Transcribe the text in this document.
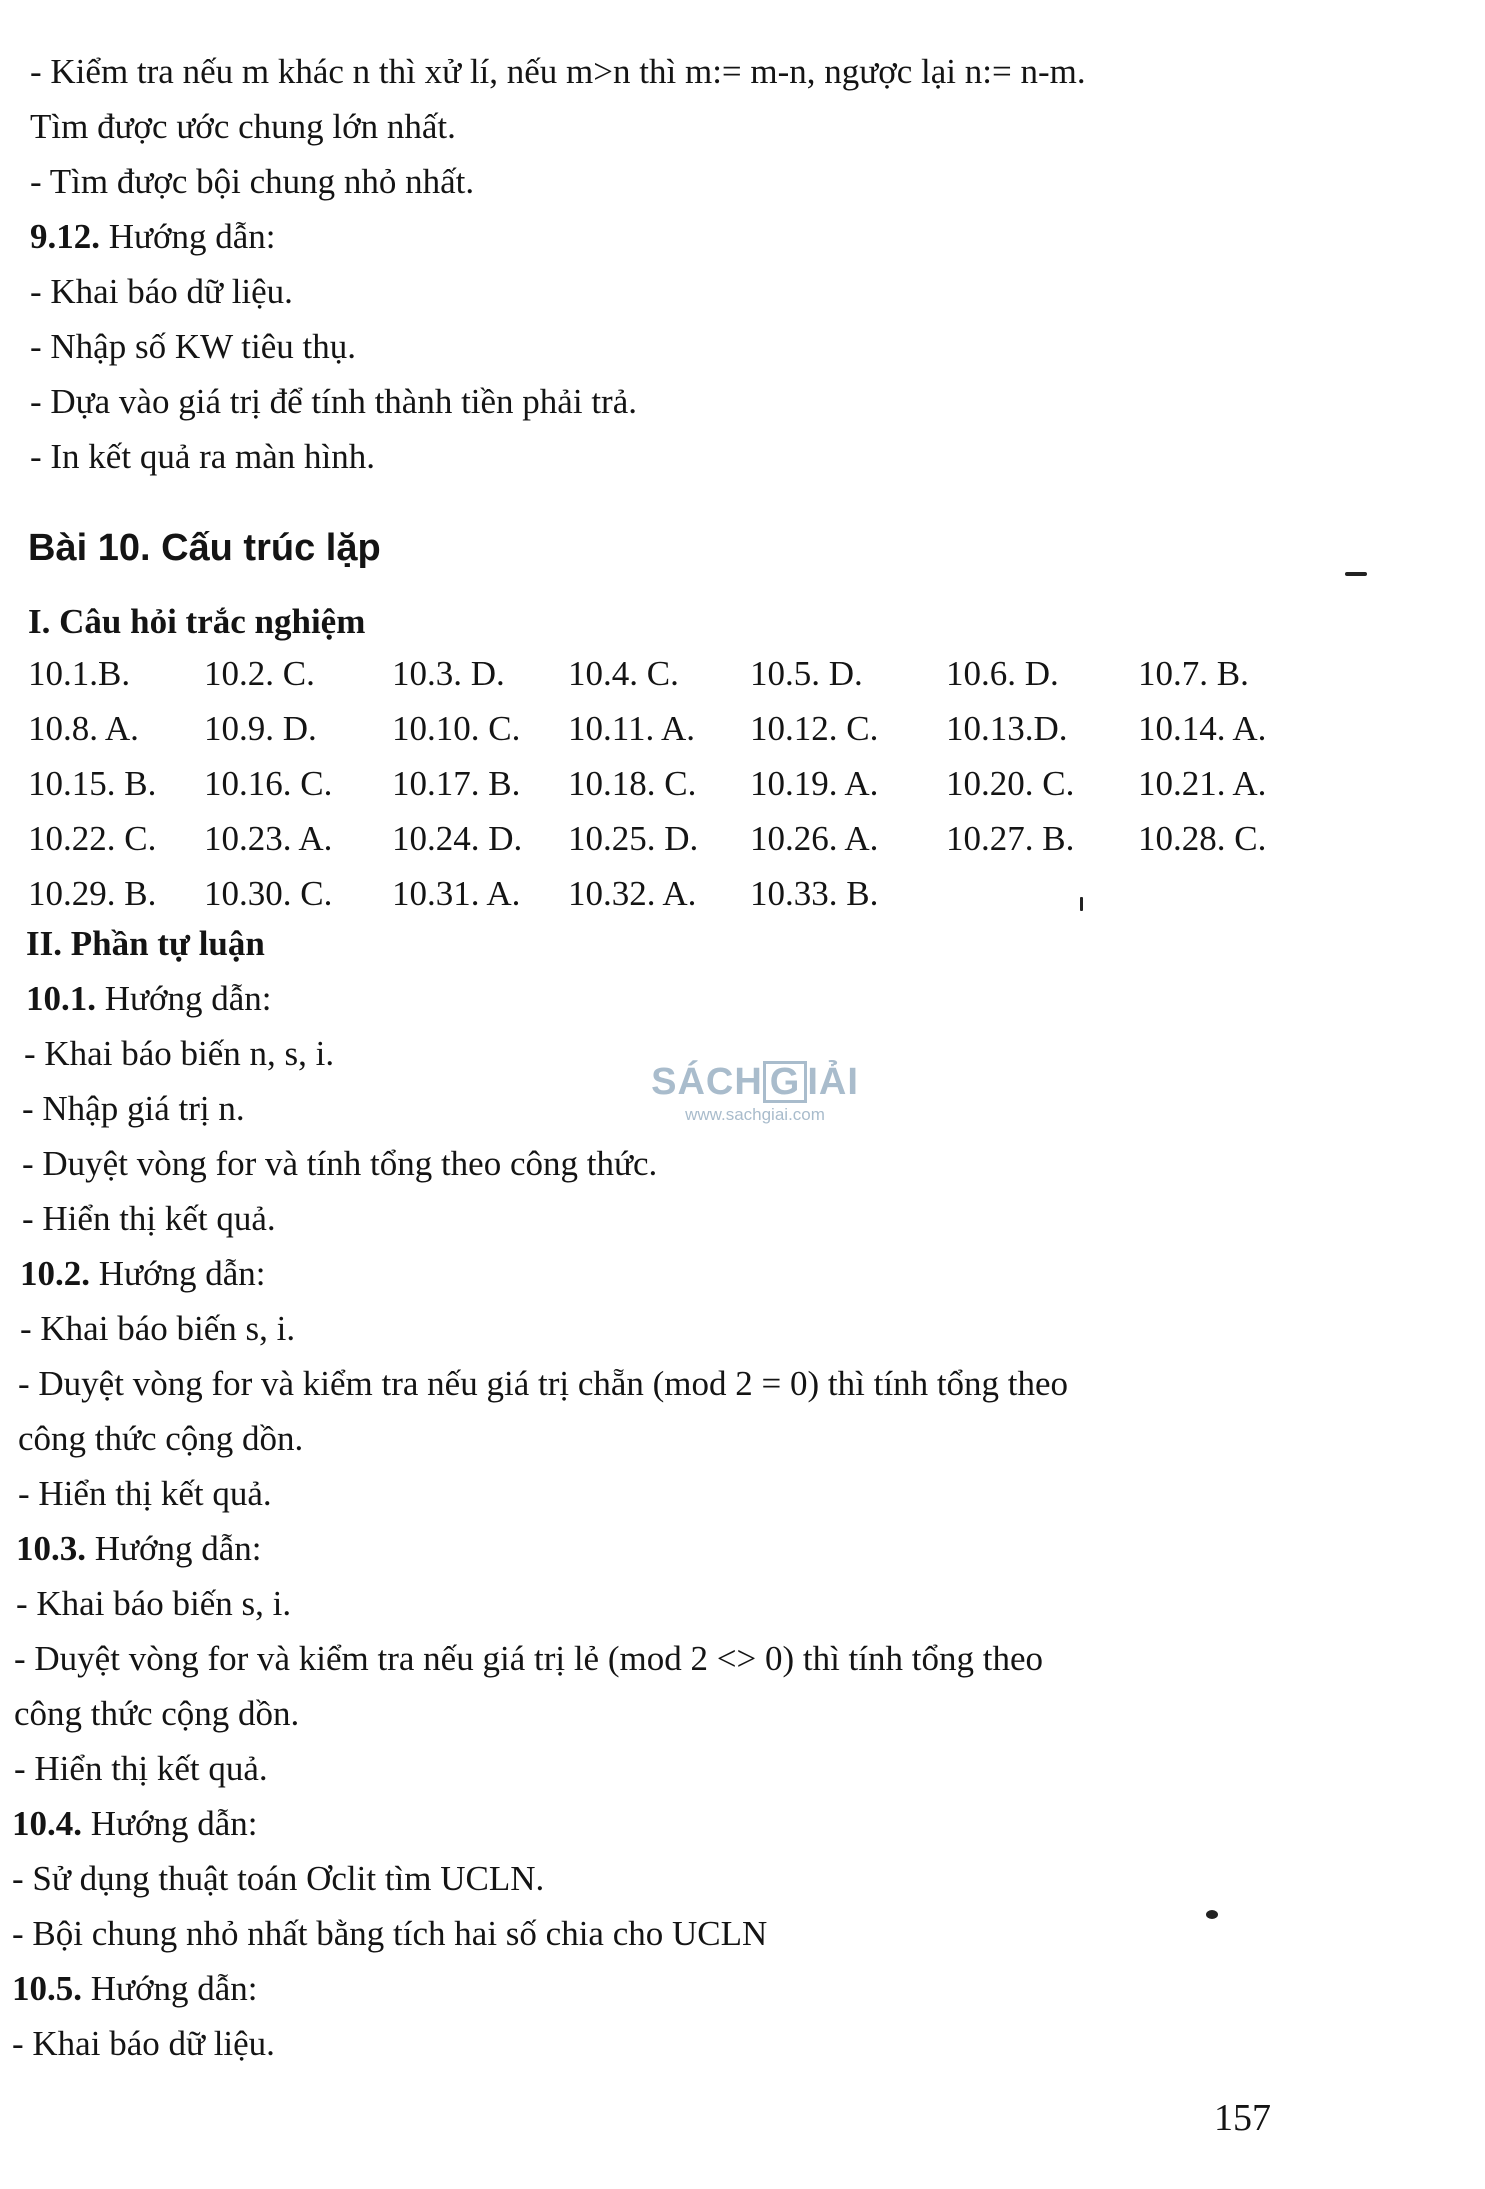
- Kiểm tra nếu m khác n thì xử lí, nếu m>n thì m:= m-n, ngược lại n:= n-m.
Tìm được ước chung lớn nhất.
- Tìm được bội chung nhỏ nhất.
9.12. Hướng dẫn:
- Khai báo dữ liệu.
- Nhập số KW tiêu thụ.
- Dựa vào giá trị để tính thành tiền phải trả.
- In kết quả ra màn hình.
Bài 10. Cấu trúc lặp
I. Câu hỏi trắc nghiệm
10.1.B. 10.2. C. 10.3. D. 10.4. C. 10.5. D. 10.6. D. 10.7. B.
10.8. A. 10.9. D. 10.10. C. 10.11. A. 10.12. C. 10.13.D. 10.14. A.
10.15. B. 10.16. C. 10.17. B. 10.18. C. 10.19. A. 10.20. C. 10.21. A.
10.22. C. 10.23. A. 10.24. D. 10.25. D. 10.26. A. 10.27. B. 10.28. C.
10.29. B. 10.30. C. 10.31. A. 10.32. A. 10.33. B.
II. Phần tự luận
10.1. Hướng dẫn:
- Khai báo biến n, s, i.
- Nhập giá trị n.
- Duyệt vòng for và tính tổng theo công thức.
- Hiển thị kết quả.
10.2. Hướng dẫn:
- Khai báo biến s, i.
- Duyệt vòng for và kiểm tra nếu giá trị chẵn (mod 2 = 0) thì tính tổng theo
công thức cộng dồn.
- Hiển thị kết quả.
10.3. Hướng dẫn:
- Khai báo biến s, i.
- Duyệt vòng for và kiểm tra nếu giá trị lẻ (mod 2 <> 0) thì tính tổng theo
công thức cộng dồn.
- Hiển thị kết quả.
10.4. Hướng dẫn:
- Sử dụng thuật toán Ơclit tìm UCLN.
- Bội chung nhỏ nhất bằng tích hai số chia cho UCLN
10.5. Hướng dẫn:
- Khai báo dữ liệu.
SÁCH G IẢI
www.sachgiai.com
157
